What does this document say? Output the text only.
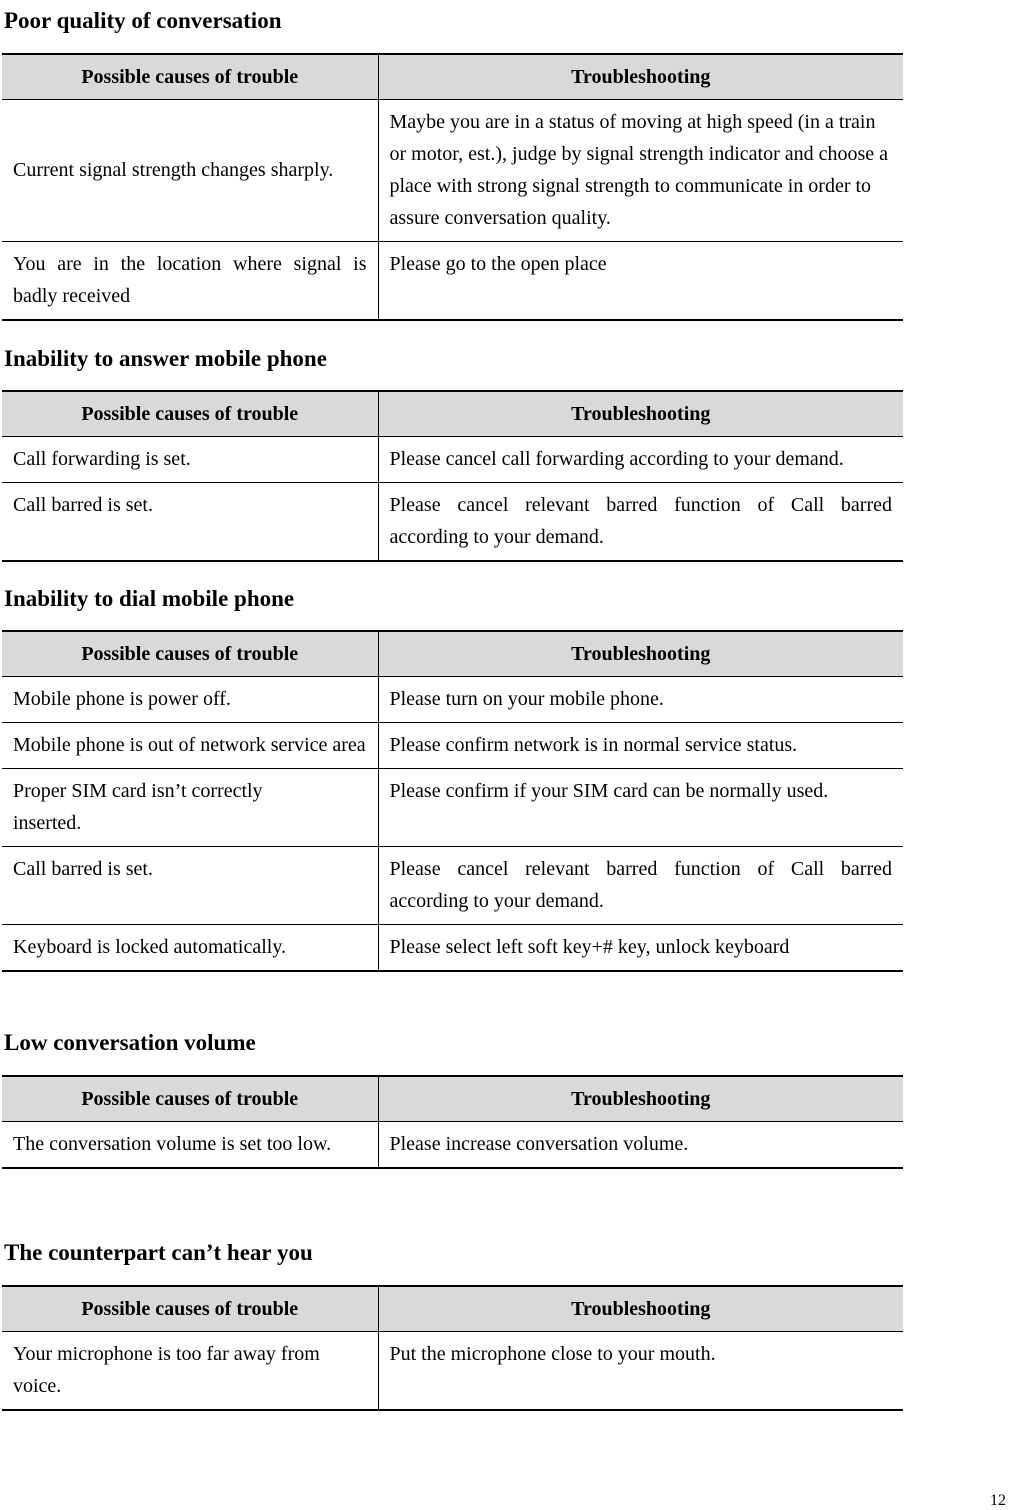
Poor quality of conversation
Possible causes of trouble	Troubleshooting
Current signal strength changes sharply.	Maybe you are in a status of moving at high speed (in a train or motor, est.), judge by signal strength indicator and choose a place with strong signal strength to communicate in order to assure conversation quality.
You are in the location where signal is badly received	Please go to the open place
Inability to answer mobile phone
Possible causes of trouble	Troubleshooting
Call forwarding is set.	Please cancel call forwarding according to your demand.
Call barred is set.	Please cancel relevant barred function of Call barred according to your demand.
Inability to dial mobile phone
Possible causes of trouble	Troubleshooting
Mobile phone is power off.	Please turn on your mobile phone.
Mobile phone is out of network service area	Please confirm network is in normal service status.
Proper SIM card isn’t correctly inserted.	Please confirm if your SIM card can be normally used.
Call barred is set.	Please cancel relevant barred function of Call barred according to your demand.
Keyboard is locked automatically.	Please select left soft key+# key, unlock keyboard
Low conversation volume
Possible causes of trouble	Troubleshooting
The conversation volume is set too low.	Please increase conversation volume.
The counterpart can’t hear you
Possible causes of trouble	Troubleshooting
Your microphone is too far away from voice.	Put the microphone close to your mouth.
12
